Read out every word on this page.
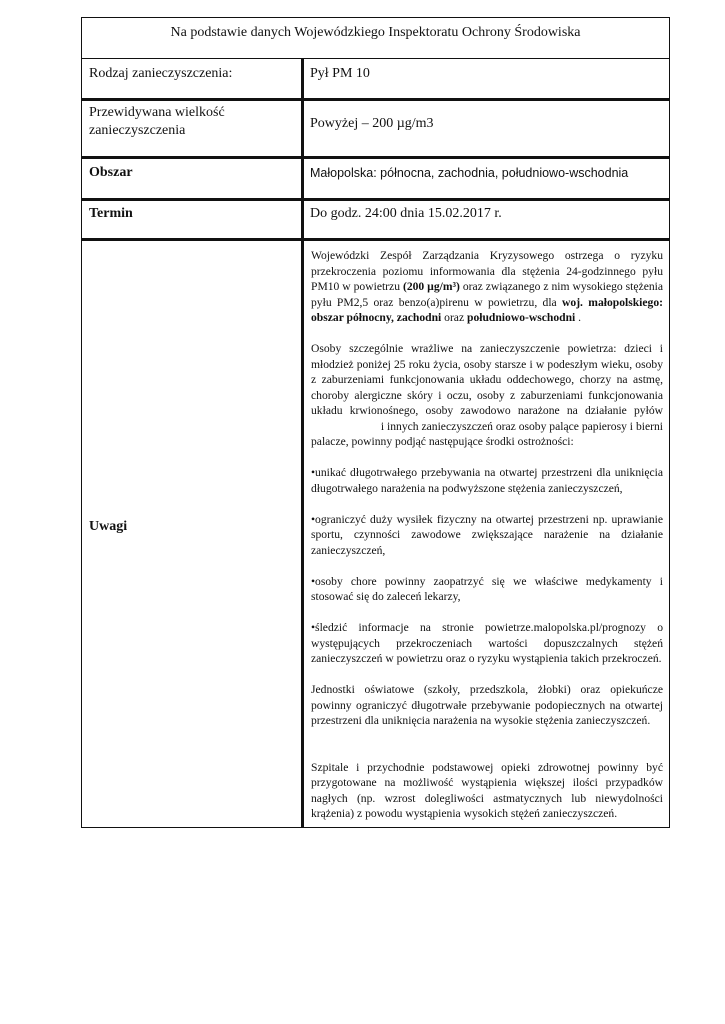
Na podstawie danych Wojewódzkiego Inspektoratu Ochrony Środowiska
Rodzaj zanieczyszczenia:	Pył PM 10
Przewidywana wielkość
zanieczyszczenia	Powyżej – 200 µg/m3
Obszar	Małopolska: północna, zachodnia, południowo-wschodnia
Termin	Do godz. 24:00 dnia 15.02.2017 r.
Uwagi

Wojewódzki Zespół Zarządzania Kryzysowego ostrzega o ryzyku przekroczenia poziomu informowania dla stężenia 24-godzinnego pyłu PM10 w powietrzu (200 µg/m³) oraz związanego z nim wysokiego stężenia pyłu PM2,5 oraz benzo(a)pirenu w powietrzu, dla woj. małopolskiego: obszar północny, zachodni oraz południowo-wschodni .

Osoby szczególnie wrażliwe na zanieczyszczenie powietrza: dzieci i młodzież poniżej 25 roku życia, osoby starsze i w podeszłym wieku, osoby z zaburzeniami funkcjonowania układu oddechowego, chorzy na astmę, choroby alergiczne skóry i oczu, osoby z zaburzeniami funkcjonowania układu krwionośnego, osoby zawodowo narażone na działanie pyłów                         i innych zanieczyszczeń oraz osoby palące papierosy i bierni palacze, powinny podjąć następujące środki ostrożności:

•unikać długotrwałego przebywania na otwartej przestrzeni dla uniknięcia długotrwałego narażenia na podwyższone stężenia zanieczyszczeń,

•ograniczyć duży wysiłek fizyczny na otwartej przestrzeni np. uprawianie sportu, czynności zawodowe zwiększające narażenie na działanie zanieczyszczeń,

•osoby chore powinny zaopatrzyć się we właściwe medykamenty i stosować się do zaleceń lekarzy,

•śledzić informacje na stronie powietrze.malopolska.pl/prognozy o występujących przekroczeniach wartości dopuszczalnych stężeń zanieczyszczeń w powietrzu oraz o ryzyku wystąpienia takich przekroczeń.

Jednostki oświatowe (szkoły, przedszkola, żłobki) oraz opiekuńcze powinny ograniczyć długotrwałe przebywanie podopiecznych na otwartej przestrzeni dla uniknięcia narażenia na wysokie stężenia zanieczyszczeń.

Szpitale i przychodnie podstawowej opieki zdrowotnej powinny być przygotowane na możliwość wystąpienia większej ilości przypadków nagłych (np. wzrost dolegliwości astmatycznych lub niewydolności krążenia) z powodu wystąpienia wysokich stężeń zanieczyszczeń.
